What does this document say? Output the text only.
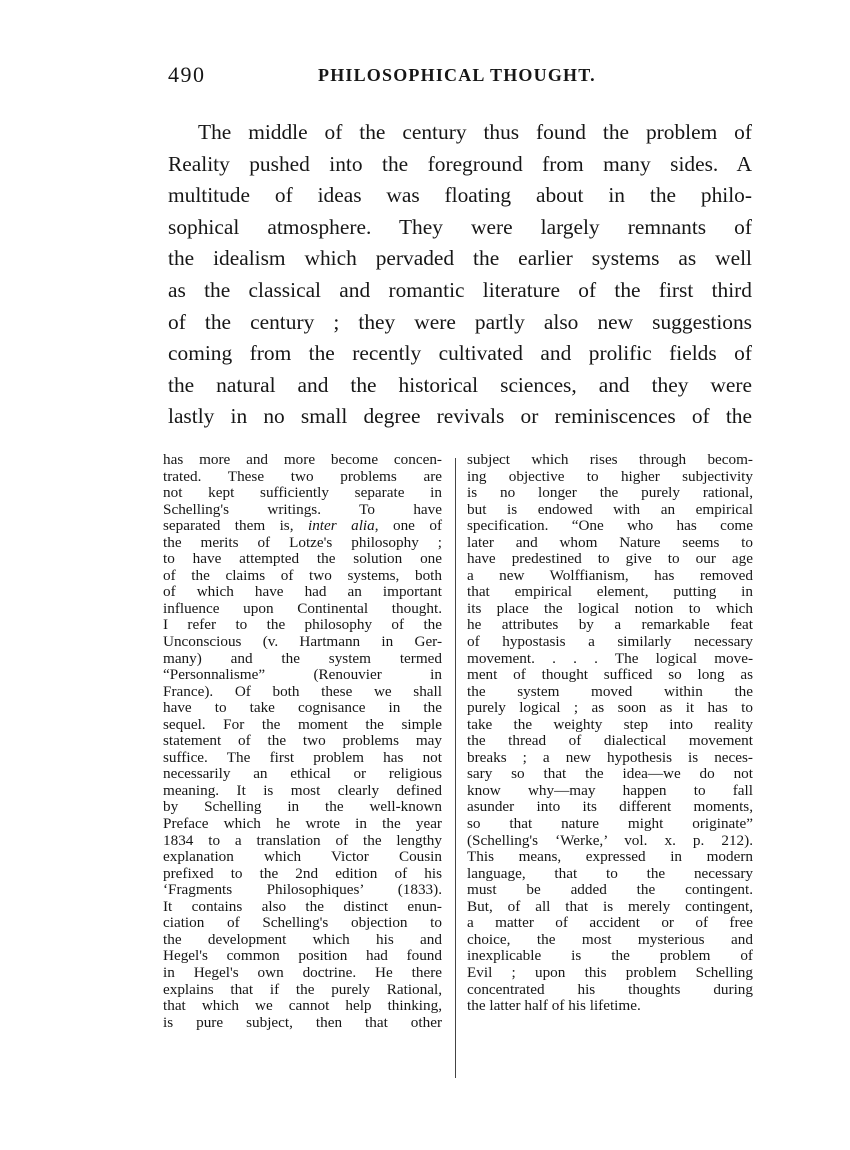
490	PHILOSOPHICAL THOUGHT.
The middle of the century thus found the problem of
Reality pushed into the foreground from many sides. A
multitude of ideas was floating about in the philo-
sophical atmosphere. They were largely remnants of
the idealism which pervaded the earlier systems as well
as the classical and romantic literature of the first third
of the century ; they were partly also new suggestions
coming from the recently cultivated and prolific fields of
the natural and the historical sciences, and they were
lastly in no small degree revivals or reminiscences of the
has more and more become concen-
trated. These two problems are
not kept sufficiently separate in
Schelling's writings. To have
separated them is, inter alia, one of
the merits of Lotze's philosophy ;
to have attempted the solution one
of the claims of two systems, both
of which have had an important
influence upon Continental thought.
I refer to the philosophy of the
Unconscious (v. Hartmann in Ger-
many) and the system termed
“Personnalisme” (Renouvier in
France). Of both these we shall
have to take cognisance in the
sequel. For the moment the simple
statement of the two problems may
suffice. The first problem has not
necessarily an ethical or religious
meaning. It is most clearly defined
by Schelling in the well-known
Preface which he wrote in the year
1834 to a translation of the lengthy
explanation which Victor Cousin
prefixed to the 2nd edition of his
‘Fragments Philosophiques’ (1833).
It contains also the distinct enun-
ciation of Schelling's objection to
the development which his and
Hegel's common position had found
in Hegel's own doctrine. He there
explains that if the purely Rational,
that which we cannot help thinking,
is pure subject, then that other
subject which rises through becom-
ing objective to higher subjectivity
is no longer the purely rational,
but is endowed with an empirical
specification. “One who has come
later and whom Nature seems to
have predestined to give to our age
a new Wolffianism, has removed
that empirical element, putting in
its place the logical notion to which
he attributes by a remarkable feat
of hypostasis a similarly necessary
movement. . . . The logical move-
ment of thought sufficed so long as
the system moved within the
purely logical ; as soon as it has to
take the weighty step into reality
the thread of dialectical movement
breaks ; a new hypothesis is neces-
sary so that the idea—we do not
know why—may happen to fall
asunder into its different moments,
so that nature might originate”
(Schelling's ‘Werke,’ vol. x. p. 212).
This means, expressed in modern
language, that to the necessary
must be added the contingent.
But, of all that is merely contingent,
a matter of accident or of free
choice, the most mysterious and
inexplicable is the problem of
Evil ; upon this problem Schelling
concentrated his thoughts during
the latter half of his lifetime.
